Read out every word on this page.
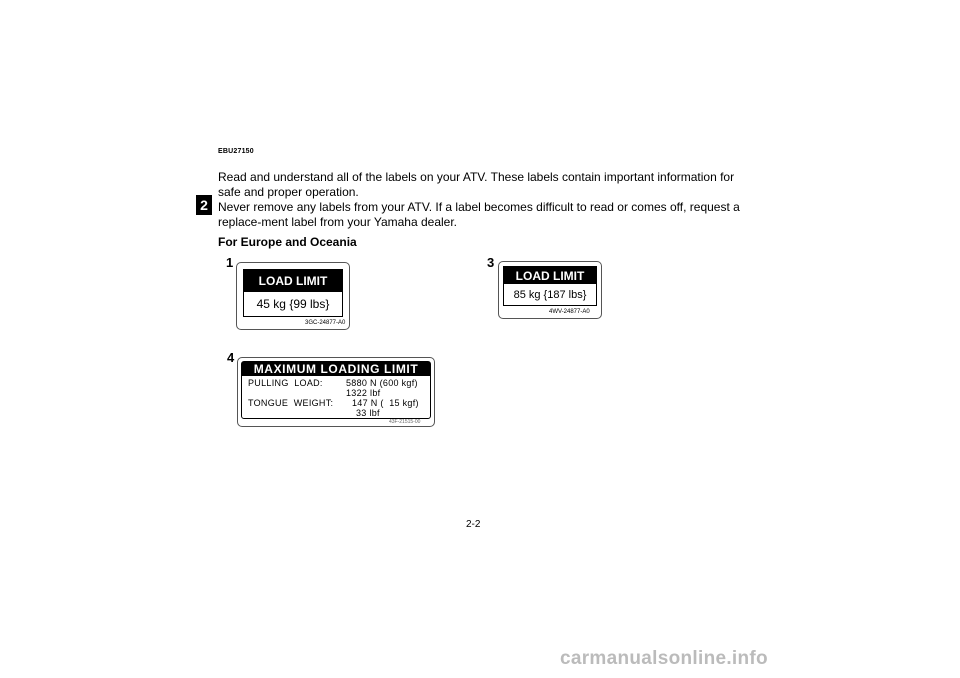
2
EBU27150

Read and understand all of the labels on your ATV. These labels contain important information for safe and proper operation.

Never remove any labels from your ATV. If a label becomes difficult to read or comes off, request a replace-ment label from your Yamaha dealer.

For Europe and Oceania
1
LOAD LIMIT
45 kg {99 lbs}
3GC-24877-A0
3
LOAD LIMIT
85 kg {187 lbs}
4WV-24877-A0
4
MAXIMUM LOADING LIMIT
PULLING  LOAD:	5880 N (600 kgf)
1322 lbf
TONGUE  WEIGHT: 147 N (  15 kgf)
33 lbf
43F-21515-00
2-2
carmanualsonline.info
